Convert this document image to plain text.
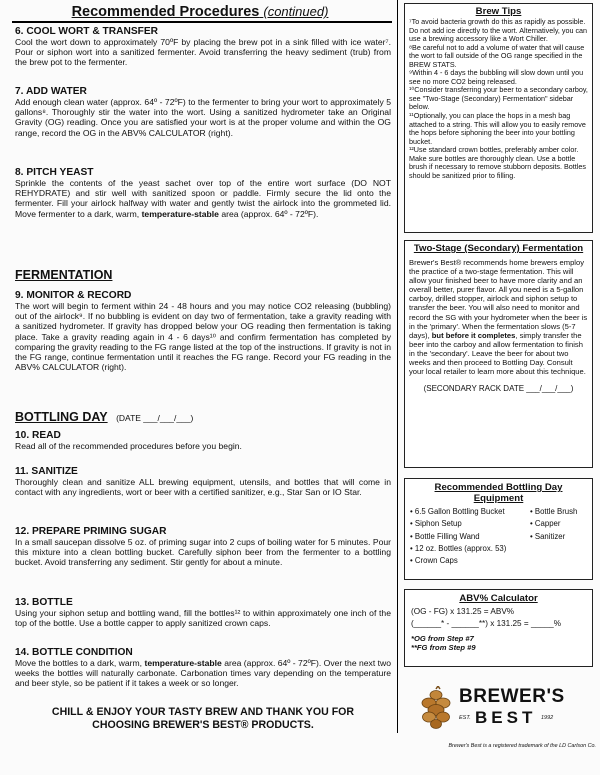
Recommended Procedures (continued)
6. COOL WORT & TRANSFER

Cool the wort down to approximately 70ºF by placing the brew pot in a sink filled with ice water⁷. Pour or siphon wort into a sanitized fermenter. Avoid transferring the heavy sediment (trub) from the brew pot to the fermenter.

7. ADD WATER

Add enough clean water (approx. 64º - 72ºF) to the fermenter to bring your wort to approximately 5 gallons⁸. Thoroughly stir the water into the wort. Using a sanitized hydrometer take an Original Gravity (OG) reading. Once you are satisfied your wort is at the proper volume and within the OG range, record the OG in the ABV% CALCULATOR (right).

8. PITCH YEAST

Sprinkle the contents of the yeast sachet over top of the entire wort surface (DO NOT REHYDRATE) and stir well with sanitized spoon or paddle. Firmly secure the lid onto the fermenter. Fill your airlock halfway with water and gently twist the airlock into the grommeted lid. Move fermenter to a dark, warm, temperature-stable area (approx. 64º - 72ºF).

FERMENTATION
9. MONITOR & RECORD

The wort will begin to ferment within 24 - 48 hours and you may notice CO2 releasing (bubbling) out of the airlock⁹. If no bubbling is evident on day two of fermentation, take a gravity reading with a sanitized hydrometer. If gravity has dropped below your OG reading then fermentation is taking place. Take a gravity reading again in 4 - 6 days¹⁰ and confirm fermentation has completed by comparing the gravity reading to the FG range listed at the top of the instructions. If gravity is not in the FG range, continue fermentation until it reaches the FG range. Record your FG reading in the ABV% CALCULATOR (right).

BOTTLING DAY (DATE ___/___/___)
10. READ

Read all of the recommended procedures before you begin.

11. SANITIZE

Thoroughly clean and sanitize ALL brewing equipment, utensils, and bottles that will come in contact with any ingredients, wort or beer with a certified sanitizer, e.g., Star San or IO Star.

12. PREPARE PRIMING SUGAR

In a small saucepan dissolve 5 oz. of priming sugar into 2 cups of boiling water for 5 minutes. Pour this mixture into a clean bottling bucket. Carefully siphon beer from the fermenter to a bottling bucket. Avoid transferring any sediment. Stir gently for about a minute.

13. BOTTLE

Using your siphon setup and bottling wand, fill the bottles¹² to within approximately one inch of the top of the bottle. Use a bottle capper to apply sanitized crown caps.

14. BOTTLE CONDITION

Move the bottles to a dark, warm, temperature-stable area (approx. 64º - 72ºF). Over the next two weeks the bottles will naturally carbonate. Carbonation times vary depending on the temperature and beer style, so be patient if it takes a week or so longer.

CHILL & ENJOY YOUR TASTY BREW AND THANK YOU FOR
CHOOSING BREWER'S BEST® PRODUCTS.
Brew Tips

⁷To avoid bacteria growth do this as rapidly as possible. Do not add ice directly to the wort. Alternatively, you can use a brewing accessory like a Wort Chiller.
⁸Be careful not to add a volume of water that will cause the wort to fall outside of the OG range specified in the BREW STATS.
⁹Within 4 - 6 days the bubbling will slow down until you see no more CO2 being released.
¹⁰Consider transferring your beer to a secondary carboy, see "Two-Stage (Secondary) Fermentation" sidebar below.
¹¹Optionally, you can place the hops in a mesh bag attached to a string. This will allow you to easily remove the hops before siphoning the beer into your bottling bucket.
¹²Use standard crown bottles, preferably amber color. Make sure bottles are thoroughly clean. Use a bottle brush if necessary to remove stubborn deposits. Bottles should be sanitized prior to filling.

Two-Stage (Secondary) Fermentation

Brewer's Best® recommends home brewers employ the practice of a two-stage fermentation. This will allow your finished beer to have more clarity and an overall better, purer flavor. All you need is a 5-gallon carboy, drilled stopper, airlock and siphon setup to transfer the beer. You will also need to monitor and record the SG with your hydrometer when the beer is in the 'primary'. When the fermentation slows (5-7 days), but before it completes, simply transfer the beer into the carboy and allow fermentation to finish in the 'secondary'. Leave the beer for about two weeks and then proceed to Bottling Day. Consult your local retailer to learn more about this technique.

(SECONDARY RACK DATE ___/___/___)
Recommended Bottling Day
Equipment
• 6.5 Gallon Bottling Bucket
• Siphon Setup
• Bottle Filling Wand
• 12 oz. Bottles (approx. 53)
• Crown Caps
• Bottle Brush
• Capper
• Sanitizer
ABV% Calculator
(OG - FG) x 131.25 = ABV%
(______* - ______**) x 131.25 = _____%
*OG from Step #7
**FG from Step #9
BREWER'S
EST. BEST 1992
Brewer's Best is a registered trademark of the LD Carlson Co.
